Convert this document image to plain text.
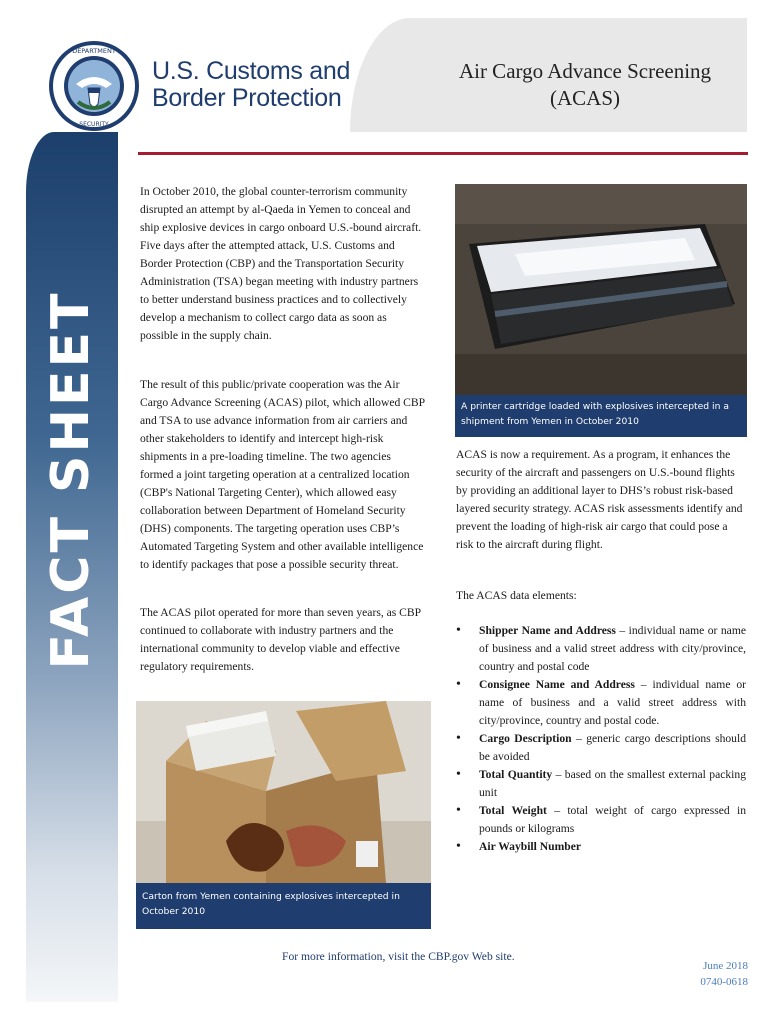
Air Cargo Advance Screening
(ACAS)
DEPARTMENT
SECURITY
U.S. Customs and
Border Protection
FACT SHEET

In October 2010, the global counter-terrorism community disrupted an attempt by al-Qaeda in Yemen to conceal and ship explosive devices in cargo onboard U.S.-bound aircraft. Five days after the attempted attack, U.S. Customs and Border Protection (CBP) and the Transportation Security Administration (TSA) began meeting with industry partners to better understand business practices and to collectively develop a mechanism to collect cargo data as soon as possible in the supply chain.

The result of this public/private cooperation was the Air Cargo Advance Screening (ACAS) pilot, which allowed CBP and TSA to use advance information from air carriers and other stakeholders to identify and intercept high-risk shipments in a pre-loading timeline. The two agencies formed a joint targeting operation at a centralized location (CBP's National Targeting Center), which allowed easy collaboration between Department of Homeland Security (DHS) components. The targeting operation uses CBP’s Automated Targeting System and other available intelligence to identify packages that pose a possible security threat.

The ACAS pilot operated for more than seven years, as CBP continued to collaborate with industry partners and the international community to develop viable and effective regulatory requirements.

A printer cartridge loaded with explosives intercepted in a shipment from Yemen in October 2010

ACAS is now a requirement. As a program, it enhances the security of the aircraft and passengers on U.S.-bound flights by providing an additional layer to DHS’s robust risk-based layered security strategy. ACAS risk assessments identify and prevent the loading of high-risk air cargo that could pose a risk to the aircraft during flight.

The ACAS data elements:

• Shipper Name and Address – individual name or name of business and a valid street address with city/province, country and postal code
• Consignee Name and Address – individual name or name of business and a valid street address with city/province, country and postal code.
• Cargo Description – generic cargo descriptions should be avoided
• Total Quantity – based on the smallest external packing unit
• Total Weight – total weight of cargo expressed in pounds or kilograms
• Air Waybill Number
Carton from Yemen containing explosives intercepted in October 2010
For more information, visit the CBP.gov Web site.
June 2018
0740-0618
